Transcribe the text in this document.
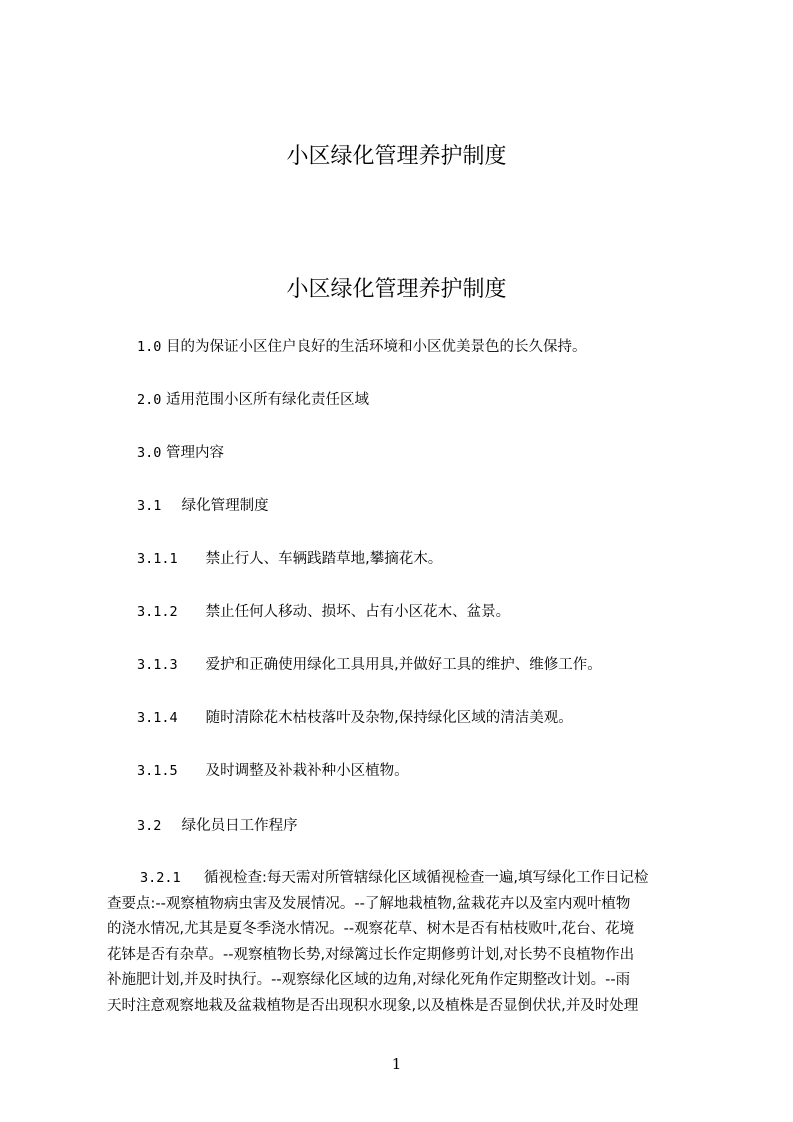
小区绿化管理养护制度
小区绿化管理养护制度
1.0 目的为保证小区住户良好的生活环境和小区优美景色的长久保持。
2.0 适用范围小区所有绿化责任区域
3.0 管理内容
3.1 绿化管理制度
3.1.1 禁止行人、车辆践踏草地,攀摘花木。
3.1.2 禁止任何人移动、损坏、占有小区花木、盆景。
3.1.3 爱护和正确使用绿化工具用具,并做好工具的维护、维修工作。
3.1.4 随时清除花木枯枝落叶及杂物,保持绿化区域的清洁美观。
3.1.5 及时调整及补栽补种小区植物。
3.2 绿化员日工作程序
3.2.1 循视检查:每天需对所管辖绿化区域循视检查一遍,填写绿化工作日记检
查要点:--观察植物病虫害及发展情况。--了解地栽植物,盆栽花卉以及室内观叶植物
的浇水情况,尤其是夏冬季浇水情况。--观察花草、树木是否有枯枝败叶,花台、花境
花钵是否有杂草。--观察植物长势,对绿篱过长作定期修剪计划,对长势不良植物作出
补施肥计划,并及时执行。--观察绿化区域的边角,对绿化死角作定期整改计划。--雨
天时注意观察地栽及盆栽植物是否出现积水现象,以及植株是否显倒伏状,并及时处理
1
